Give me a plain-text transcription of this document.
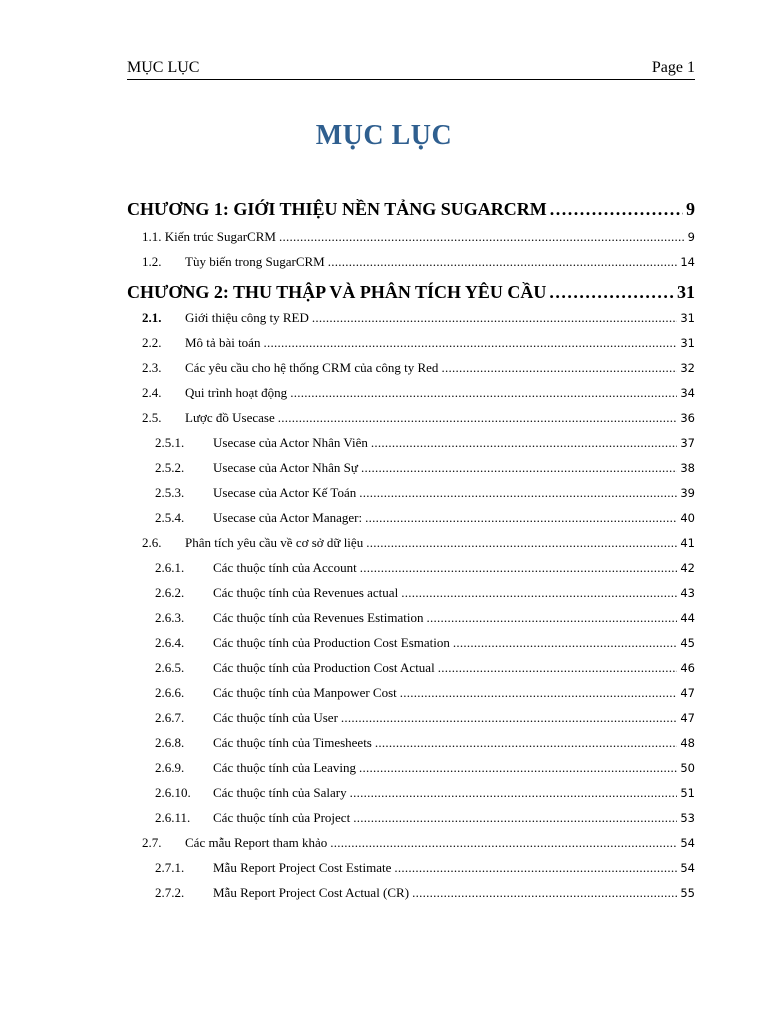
MỤC LỤC	Page 1
MỤC LỤC
CHƯƠNG 1: GIỚI THIỆU NỀN TẢNG SUGARCRM . . .	9
1.1. Kiến trúc SugarCRM . . .	9
1.2.	Tùy biến trong SugarCRM . . .	14
CHƯƠNG 2: THU THẬP VÀ PHÂN TÍCH YÊU CẦU . . .	31
2.1.	Giới thiệu công ty RED . . .	31
2.2.	Mô tả bài toán . . .	31
2.3.	Các yêu cầu cho hệ thống CRM của công ty Red . . .	32
2.4.	Qui trình hoạt động . . .	34
2.5.	Lược đồ Usecase . . .	36
2.5.1.	Usecase của Actor Nhân Viên . . .	37
2.5.2.	Usecase của Actor Nhân Sự . . .	38
2.5.3.	Usecase của Actor Kế Toán . . .	39
2.5.4.	Usecase của Actor Manager: . . .	40
2.6.	Phân tích yêu cầu về cơ sở dữ liệu . . .	41
2.6.1.	Các thuộc tính của Account . . .	42
2.6.2.	Các thuộc tính của Revenues actual . . .	43
2.6.3.	Các thuộc tính của Revenues Estimation . . .	44
2.6.4.	Các thuộc tính của Production Cost Esmation . . .	45
2.6.5.	Các thuộc tính của Production Cost Actual . . .	46
2.6.6.	Các thuộc tính của Manpower Cost . . .	47
2.6.7.	Các thuộc tính của User . . .	47
2.6.8.	Các thuộc tính của Timesheets . . .	48
2.6.9.	Các thuộc tính của Leaving . . .	50
2.6.10.	Các thuộc tính của Salary . . .	51
2.6.11.	Các thuộc tính của Project . . .	53
2.7.	Các mẫu Report tham khảo . . .	54
2.7.1.	Mẫu Report Project Cost Estimate . . .	54
2.7.2.	Mẫu Report Project Cost Actual (CR) . . .	55
